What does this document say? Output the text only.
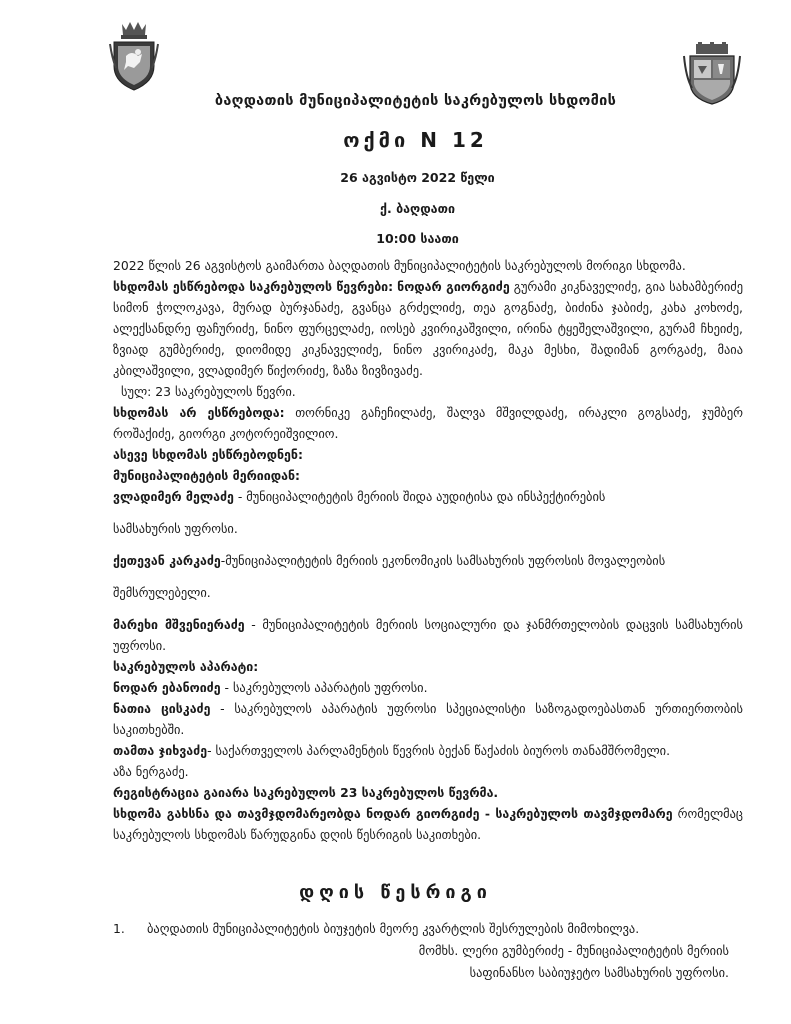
ბაღდათის მუნიციპალიტეტის საკრებულოს სხდომის
ოქმი N 12
26 აგვისტო 2022 წელი
ქ. ბაღდათი
10:00 საათი

2022 წლის 26 აგვისტოს გაიმართა ბაღდათის მუნიციპალიტეტის საკრებულოს მორიგი სხდომა.

სხდომას ესწრებოდა საკრებულოს წევრები: ნოდარ გიორგიძე გურამი კიკნაველიძე, გია სახამბერიძე სიმონ ჭოლოკავა, მურად ბურჯანაძე, გვანცა გრძელიძე, თეა გოგნაძე, ბიძინა ჯაბიძე, კახა კოხოძე, ალექსანდრე ფაჩურიძე, ნინო ფურცელაძე, იოსებ კვირიკაშვილი, ირინა ტყეშელაშვილი, გურამ ჩხეიძე, ზვიად გუმბერიძე, დიომიდე კიკნაველიძე, ნინო კვირიკაძე, მაკა მესხი, შადიმან გორგაძე, მაია კბილაშვილი, ვლადიმერ წიქორიძე, ზაზა ზივზივაძე.

სულ: 23 საკრებულოს წევრი.

სხდომას არ ესწრებოდა: თორნიკე გაჩეჩილაძე, შალვა მშვილდაძე, ირაკლი გოგსაძე, ჯუმბერ როშაქიძე, გიორგი კოტორეიშვილიო.

ასევე სხდომას ესწრებოდნენ:

მუნიციპალიტეტის მერიიდან:

ვლადიმერ მელაძე - მუნიციპალიტეტის მერიის შიდა აუდიტისა და ინსპექტირების

სამსახურის უფროსი.

ქეთევან კარკაძე-მუნიციპალიტეტის მერიის ეკონომიკის სამსახურის უფროსის მოვალეობის

შემსრულებელი.

მარეხი მშვენიერაძე - მუნიციპალიტეტის მერიის სოციალური და ჯანმრთელობის დაცვის სამსახურის უფროსი.

საკრებულოს აპარატი:

ნოდარ ებანოიძე - საკრებულოს აპარატის უფროსი.

ნათია ცისკაძე - საკრებულოს აპარატის უფროსი სპეციალისტი საზოგადოებასთან ურთიერთობის საკითხებში.

თამთა ჯიხვაძე- საქართველოს პარლამენტის წევრის ბექან წაქაძის ბიუროს თანამშრომელი.

აზა ნერგაძე.

რეგისტრაცია გაიარა საკრებულოს 23 საკრებულოს წევრმა.

სხდომა გახსნა და თავმჯდომარეობდა ნოდარ გიორგიძე - საკრებულოს თავმჯდომარე რომელმაც საკრებულოს სხდომას წარუდგინა დღის წესრიგის საკითხები.

დღის წესრიგი
1.	ბაღდათის მუნიციპალიტეტის ბიუჯეტის მეორე კვარტლის შესრულების მიმოხილვა.
მომხს. ლერი გუმბერიძე - მუნიციპალიტეტის მერიის
საფინანსო საბიუჯეტო სამსახურის უფროსი.
